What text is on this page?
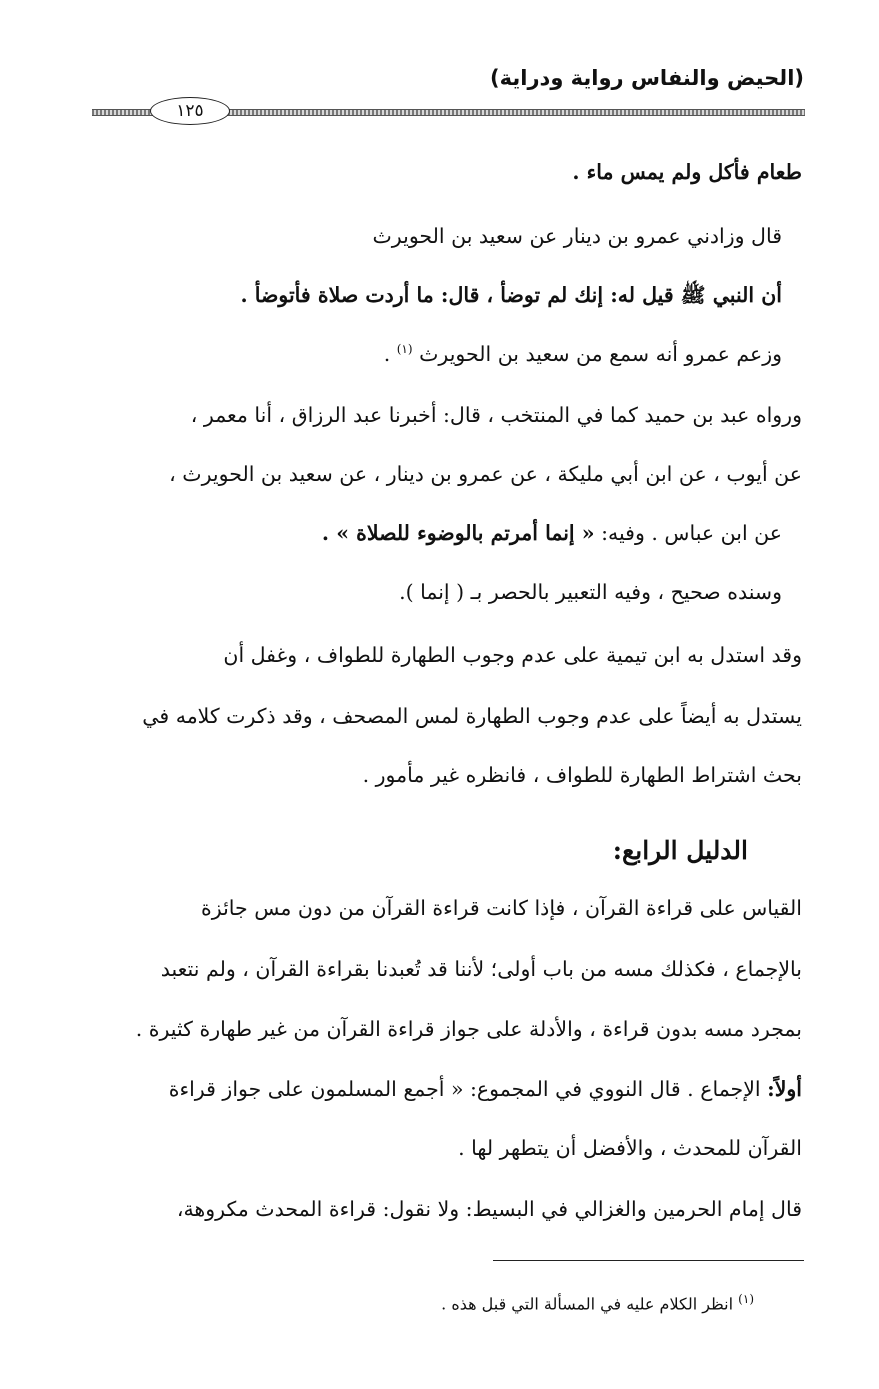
(الحيض والنفاس رواية ودراية)
١٢٥
طعام فأكل ولم يمس ماء .
قال وزادني عمرو بن دينار عن سعيد بن الحويرث
أن النبي ﷺ قيل له: إنك لم توضأ ، قال: ما أردت صلاة فأتوضأ .
وزعم عمرو أنه سمع من سعيد بن الحويرث $^{(١)}$ .
ورواه عبد بن حميد كما في المنتخب ، قال: أخبرنا عبد الرزاق ، أنا معمر ،
عن أيوب ، عن ابن أبي مليكة ، عن عمرو بن دينار ، عن سعيد بن الحويرث ،
عن ابن عباس . وفيه: « إنما أمرتم بالوضوء للصلاة » .
وسنده صحيح ، وفيه التعبير بالحصر بـ ( إنما ).
وقد استدل به ابن تيمية على عدم وجوب الطهارة للطواف ، وغفل أن
يستدل به أيضاً على عدم وجوب الطهارة لمس المصحف ، وقد ذكرت كلامه في
بحث اشتراط الطهارة للطواف ، فانظره غير مأمور .
الدليل الرابع:
القياس على قراءة القرآن ، فإذا كانت قراءة القرآن من دون مس جائزة
بالإجماع ، فكذلك مسه من باب أولى؛ لأننا قد تُعبدنا بقراءة القرآن ، ولم نتعبد
بمجرد مسه بدون قراءة ، والأدلة على جواز قراءة القرآن من غير طهارة كثيرة .
أولاً: الإجماع . قال النووي في المجموع: « أجمع المسلمون على جواز قراءة
القرآن للمحدث ، والأفضل أن يتطهر لها .
قال إمام الحرمين والغزالي في البسيط: ولا نقول: قراءة المحدث مكروهة،
$^{(١)}$ انظر الكلام عليه في المسألة التي قبل هذه .
